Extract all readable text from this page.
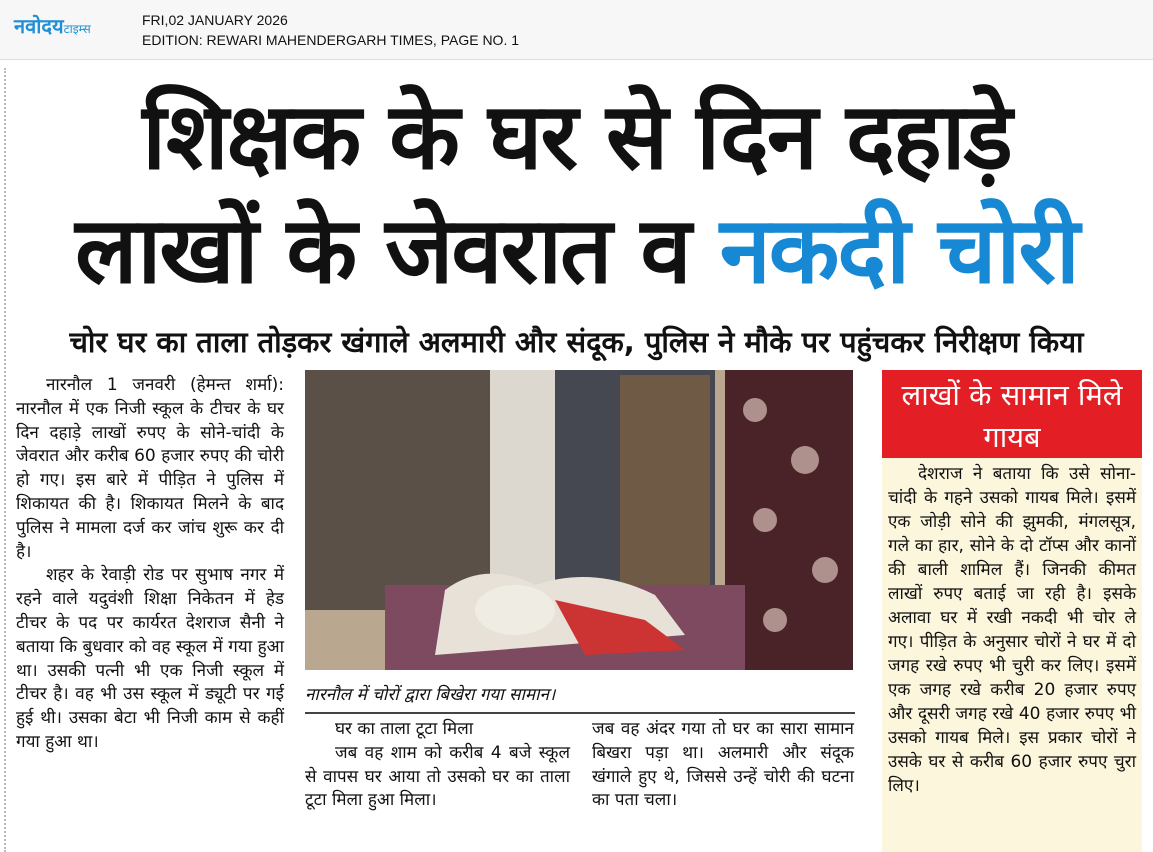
नवोदयटाइम्स
FRI,02 JANUARY 2026
EDITION: REWARI MAHENDERGARH TIMES, PAGE NO. 1
शिक्षक के घर से दिन दहाड़े
लाखों के जेवरात व नकदी चोरी
चोर घर का ताला तोड़कर खंगाले अलमारी और संदूक, पुलिस ने मौके पर पहुंचकर निरीक्षण किया

नारनौल 1 जनवरी (हेमन्त शर्मा): नारनौल में एक निजी स्कूल के टीचर के घर दिन दहाड़े लाखों रुपए के सोने-चांदी के जेवरात और करीब 60 हजार रुपए की चोरी हो गए। इस बारे में पीड़ित ने पुलिस में शिकायत की है। शिकायत मिलने के बाद पुलिस ने मामला दर्ज कर जांच शुरू कर दी है।

शहर के रेवाड़ी रोड पर सुभाष नगर में रहने वाले यदुवंशी शिक्षा निकेतन में हेड टीचर के पद पर कार्यरत देशराज सैनी ने बताया कि बुधवार को वह स्कूल में गया हुआ था। उसकी पत्नी भी एक निजी स्कूल में टीचर है। वह भी उस स्कूल में ड्यूटी पर गई हुई थी। उसका बेटा भी निजी काम से कहीं गया हुआ था।

नारनौल में चोरों द्वारा बिखेरा गया सामान।

घर का ताला टूटा मिला

जब वह शाम को करीब 4 बजे स्कूल से वापस घर आया तो उसको घर का ताला टूटा मिला हुआ मिला।

जब वह अंदर गया तो घर का सारा सामान बिखरा पड़ा था। अलमारी और संदूक खंगाले हुए थे, जिससे उन्हें चोरी की घटना का पता चला।

लाखों के सामान मिले गायब

देशराज ने बताया कि उसे सोना-चांदी के गहने उसको गायब मिले। इसमें एक जोड़ी सोने की झुमकी, मंगलसूत्र, गले का हार, सोने के दो टॉप्स और कानों की बाली शामिल हैं। जिनकी कीमत लाखों रुपए बताई जा रही है। इसके अलावा घर में रखी नकदी भी चोर ले गए। पीड़ित के अनुसार चोरों ने घर में दो जगह रखे रुपए भी चुरी कर लिए। इसमें एक जगह रखे करीब 20 हजार रुपए और दूसरी जगह रखे 40 हजार रुपए भी उसको गायब मिले। इस प्रकार चोरों ने उसके घर से करीब 60 हजार रुपए चुरा लिए।
